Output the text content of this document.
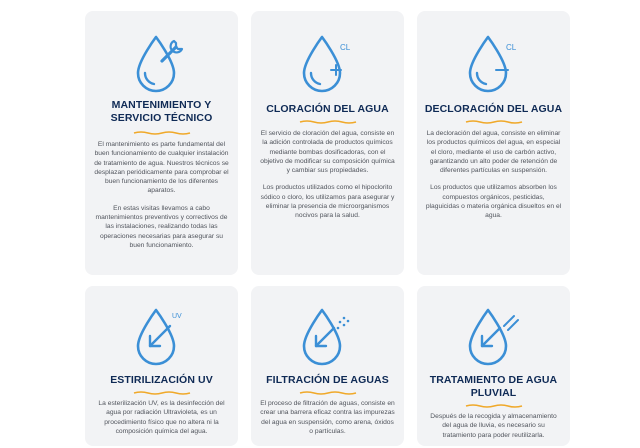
MANTENIMIENTO Y SERVICIO TÉCNICO

El mantenimiento es parte fundamental del buen funcionamiento de cualquier instalación de tratamiento de agua. Nuestros técnicos se desplazan periódicamente para comprobar el buen funcionamiento de los diferentes aparatos.

En estas visitas llevamos a cabo mantenimientos preventivos y correctivos de las instalaciones, realizando todas las operaciones necesarias para asegurar su buen funcionamiento.

CL
CLORACIÓN DEL AGUA

El servicio de cloración del agua, consiste en la adición controlada de productos químicos mediante bombas dosificadoras, con el objetivo de modificar su composición química y cambiar sus propiedades.

Los productos utilizados como el hipoclorito sódico o cloro, los utilizamos para asegurar y eliminar la presencia de microorganismos nocivos para la salud.

CL
DECLORACIÓN DEL AGUA

La decloración del agua, consiste en eliminar los productos químicos del agua, en especial el cloro, mediante el uso de carbón activo, garantizando un alto poder de retención de diferentes partículas en suspensión.

Los productos que utilizamos absorben los compuestos orgánicos, pesticidas, plaguicidas o materia orgánica disueltos en el agua.

UV
ESTIRILIZACIÓN UV

La esterilización UV, es la desinfección del agua por radiación Ultravioleta, es un procedimiento físico que no altera ni la composición química del agua.

FILTRACIÓN DE AGUAS

El proceso de filtración de aguas, consiste en crear una barrera eficaz contra las impurezas del agua en suspensión, como arena, óxidos o partículas.

TRATAMIENTO DE AGUA PLUVIAL

Después de la recogida y almacenamiento del agua de lluvia, es necesario su tratamiento para poder reutilizarla.
